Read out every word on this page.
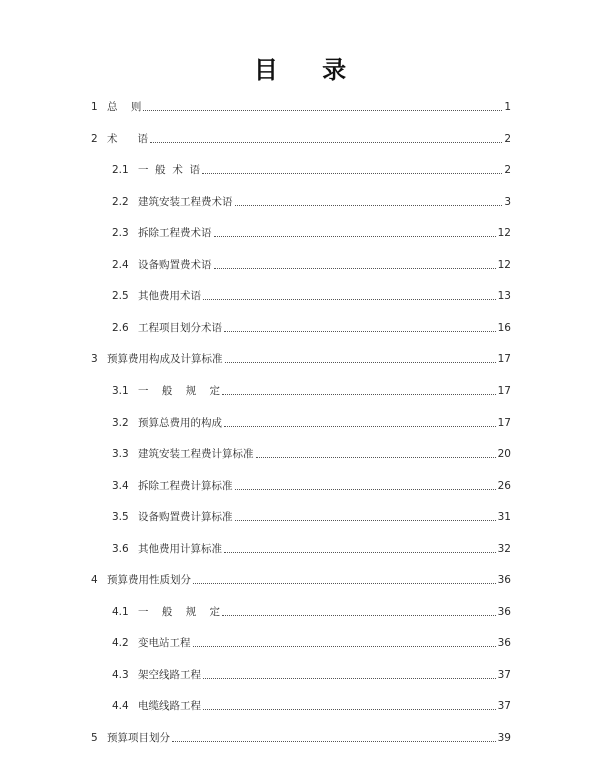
目 录
1 总    则	1
2 术      语	2
2.1 一  般  术  语	2
2.2 建筑安装工程费术语	3
2.3 拆除工程费术语	12
2.4 设备购置费术语	12
2.5 其他费用术语	13
2.6 工程项目划分术语	16
3 预算费用构成及计算标准	17
3.1 一    般    规    定	17
3.2 预算总费用的构成	17
3.3 建筑安装工程费计算标准	20
3.4 拆除工程费计算标准	26
3.5 设备购置费计算标准	31
3.6 其他费用计算标准	32
4 预算费用性质划分	36
4.1 一    般    规    定	36
4.2 变电站工程	36
4.3 架空线路工程	37
4.4 电缆线路工程	37
5 预算项目划分	39
